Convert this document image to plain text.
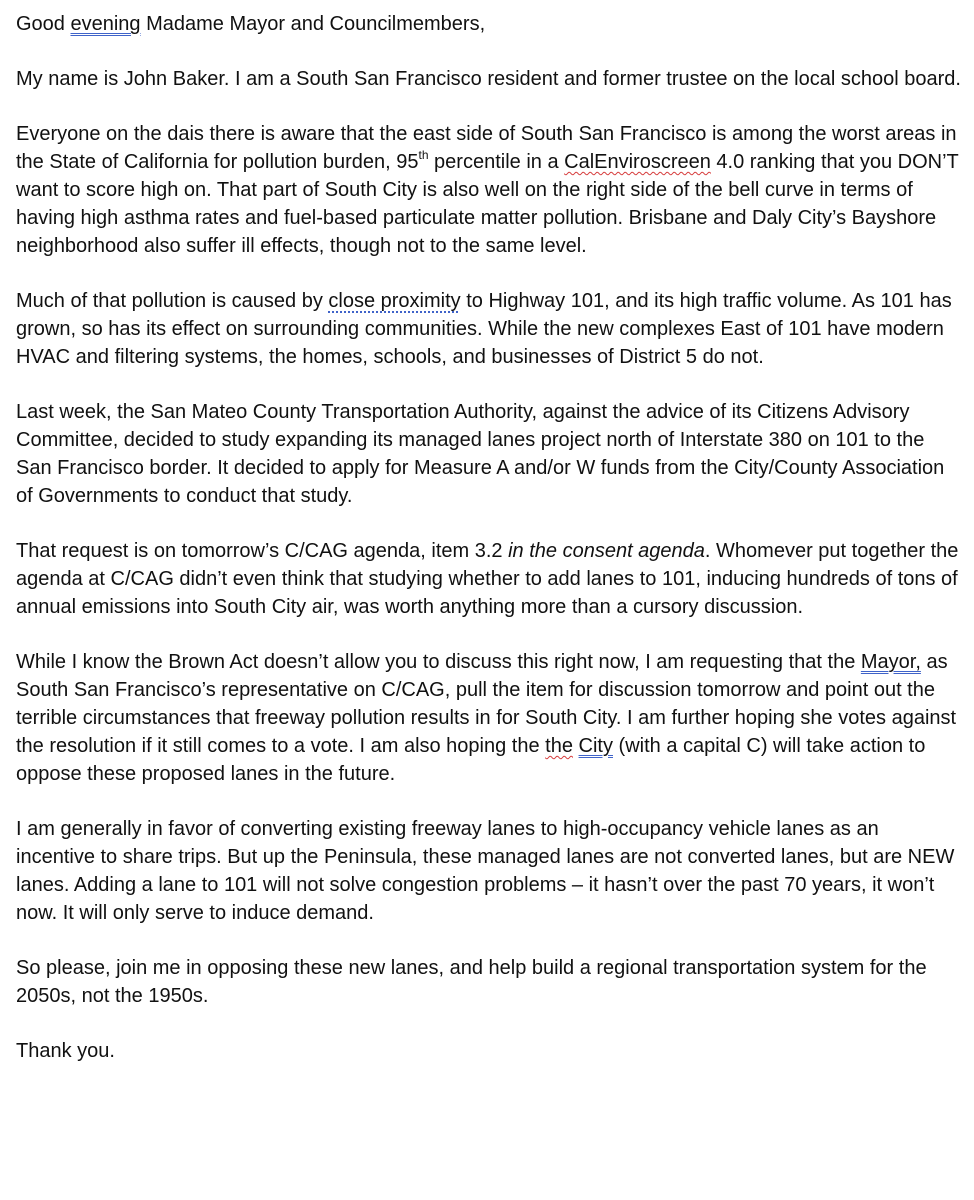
Good evening Madame Mayor and Councilmembers,

My name is John Baker. I am a South San Francisco resident and former trustee on the local school board.

Everyone on the dais there is aware that the east side of South San Francisco is among the worst areas in the State of California for pollution burden, 95th percentile in a CalEnviroscreen 4.0 ranking that you DON’T want to score high on. That part of South City is also well on the right side of the bell curve in terms of having high asthma rates and fuel-based particulate matter pollution. Brisbane and Daly City’s Bayshore neighborhood also suffer ill effects, though not to the same level.

Much of that pollution is caused by close proximity to Highway 101, and its high traffic volume. As 101 has grown, so has its effect on surrounding communities. While the new complexes East of 101 have modern HVAC and filtering systems, the homes, schools, and businesses of District 5 do not.

Last week, the San Mateo County Transportation Authority, against the advice of its Citizens Advisory Committee, decided to study expanding its managed lanes project north of Interstate 380 on 101 to the San Francisco border. It decided to apply for Measure A and/or W funds from the City/County Association of Governments to conduct that study.

That request is on tomorrow’s C/CAG agenda, item 3.2 in the consent agenda. Whomever put together the agenda at C/CAG didn’t even think that studying whether to add lanes to 101, inducing hundreds of tons of annual emissions into South City air, was worth anything more than a cursory discussion.

While I know the Brown Act doesn’t allow you to discuss this right now, I am requesting that the Mayor, as South San Francisco’s representative on C/CAG, pull the item for discussion tomorrow and point out the terrible circumstances that freeway pollution results in for South City. I am further hoping she votes against the resolution if it still comes to a vote. I am also hoping the the City (with a capital C) will take action to oppose these proposed lanes in the future.

I am generally in favor of converting existing freeway lanes to high-occupancy vehicle lanes as an incentive to share trips. But up the Peninsula, these managed lanes are not converted lanes, but are NEW lanes. Adding a lane to 101 will not solve congestion problems – it hasn’t over the past 70 years, it won’t now. It will only serve to induce demand.

So please, join me in opposing these new lanes, and help build a regional transportation system for the 2050s, not the 1950s.

Thank you.
